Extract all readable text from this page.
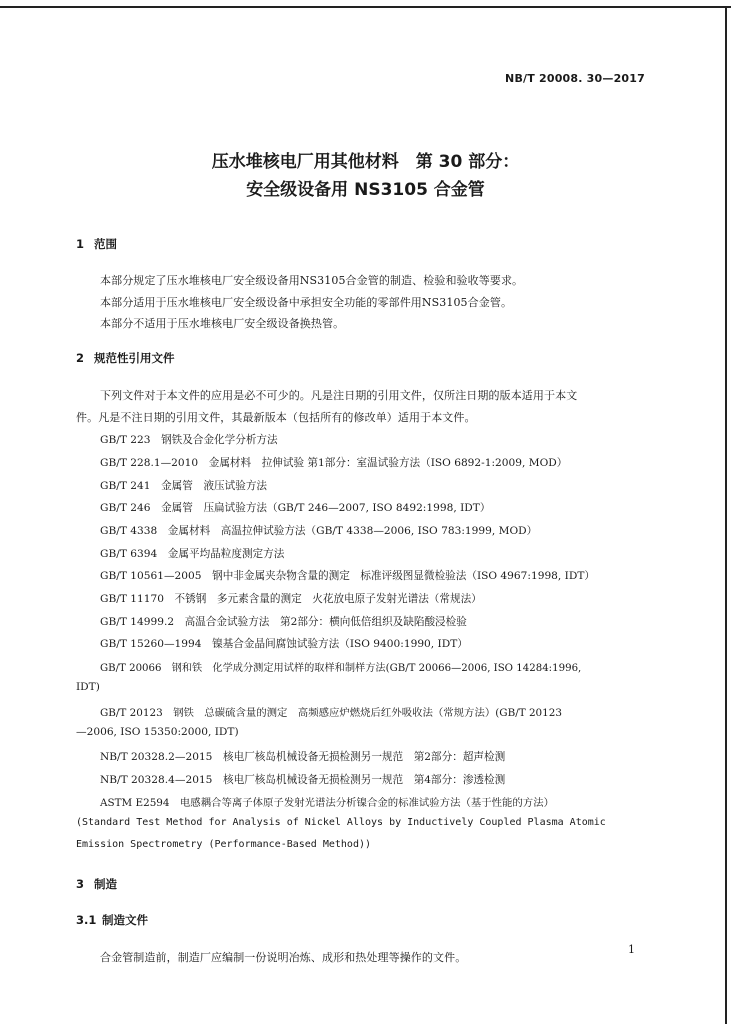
NB/T 20008. 30—2017
压水堆核电厂用其他材料　第 30 部分：
安全级设备用 NS3105 合金管
1 范围
本部分规定了压水堆核电厂安全级设备用NS3105合金管的制造、检验和验收等要求。
本部分适用于压水堆核电厂安全级设备中承担安全功能的零部件用NS3105合金管。
本部分不适用于压水堆核电厂安全级设备换热管。
2 规范性引用文件
下列文件对于本文件的应用是必不可少的。凡是注日期的引用文件，仅所注日期的版本适用于本文
件。凡是不注日期的引用文件，其最新版本（包括所有的修改单）适用于本文件。
GB/T 223　钢铁及合金化学分析方法
GB/T 228.1—2010　金属材料　拉伸试验 第1部分：室温试验方法（ISO 6892-1:2009, MOD）
GB/T 241　金属管　液压试验方法
GB/T 246　金属管　压扁试验方法（GB/T 246—2007, ISO 8492:1998, IDT）
GB/T 4338　金属材料　高温拉伸试验方法（GB/T 4338—2006, ISO 783:1999, MOD）
GB/T 6394　金属平均晶粒度测定方法
GB/T 10561—2005　钢中非金属夹杂物含量的测定　标准评级图显微检验法（ISO 4967:1998, IDT）
GB/T 11170　不锈钢　多元素含量的测定　火花放电原子发射光谱法（常规法）
GB/T 14999.2　高温合金试验方法　第2部分：横向低倍组织及缺陷酸浸检验
GB/T 15260—1994　镍基合金晶间腐蚀试验方法（ISO 9400:1990, IDT）
GB/T 20066　钢和铁　化学成分测定用试样的取样和制样方法(GB/T 20066—2006, ISO 14284:1996,
IDT)
GB/T 20123　钢铁　总碳硫含量的测定　高频感应炉燃烧后红外吸收法（常规方法）(GB/T 20123
—2006, ISO 15350:2000, IDT)
NB/T 20328.2—2015　核电厂核岛机械设备无损检测另一规范　第2部分：超声检测
NB/T 20328.4—2015　核电厂核岛机械设备无损检测另一规范　第4部分：渗透检测
ASTM E2594　电感耦合等离子体原子发射光谱法分析镍合金的标准试验方法（基于性能的方法）
(Standard Test Method for Analysis of Nickel Alloys by Inductively Coupled Plasma Atomic
Emission Spectrometry (Performance-Based Method))
3 制造
3.1 制造文件
合金管制造前，制造厂应编制一份说明冶炼、成形和热处理等操作的文件。
1
